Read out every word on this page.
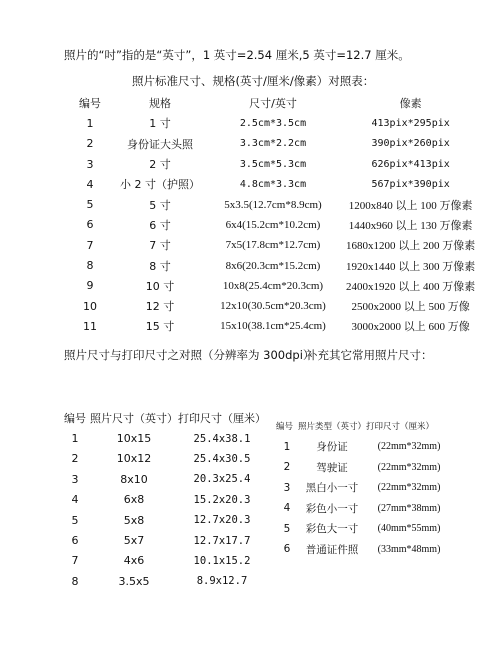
照片的“吋”指的是“英寸”，1 英寸=2.54 厘米,5 英寸=12.7 厘米。
照片标准尺寸、规格(英寸/厘米/像素）对照表：
编号	规格	尺寸/英寸	像素
1	1 寸	2.5cm*3.5cm	413pix*295pix
2	身份证大头照	3.3cm*2.2cm	390pix*260pix
3	2 寸	3.5cm*5.3cm	626pix*413pix
4	小 2 寸（护照）	4.8cm*3.3cm	567pix*390pix
5	5 寸	5x3.5(12.7cm*8.9cm)	1200x840 以上 100 万像素
6	6 寸	6x4(15.2cm*10.2cm)	1440x960 以上 130 万像素
7	7 寸	7x5(17.8cm*12.7cm)	1680x1200 以上 200 万像素
8	8 寸	8x6(20.3cm*15.2cm)	1920x1440 以上 300 万像素
9	10 寸	10x8(25.4cm*20.3cm)	2400x1920 以上 400 万像素
10	12 寸	12x10(30.5cm*20.3cm)	2500x2000 以上 500 万像
11	15 寸	15x10(38.1cm*25.4cm)	3000x2000 以上 600 万像
照片尺寸与打印尺寸之对照（分辨率为 300dpi）
补充其它常用照片尺寸：
编号	照片尺寸（英寸）	打印尺寸（厘米）
1	10x15	25.4x38.1
2	10x12	25.4x30.5
3	8x10	20.3x25.4
4	6x8	15.2x20.3
5	5x8	12.7x20.3
6	5x7	12.7x17.7
7	4x6	10.1x15.2
8	3.5x5	8.9x12.7
编号	照片类型（英寸）	打印尺寸（厘米）
1	身份证	(22mm*32mm)
2	驾驶证	(22mm*32mm)
3	黑白小一寸	(22mm*32mm)
4	彩色小一寸	(27mm*38mm)
5	彩色大一寸	(40mm*55mm)
6	普通证件照	(33mm*48mm)
